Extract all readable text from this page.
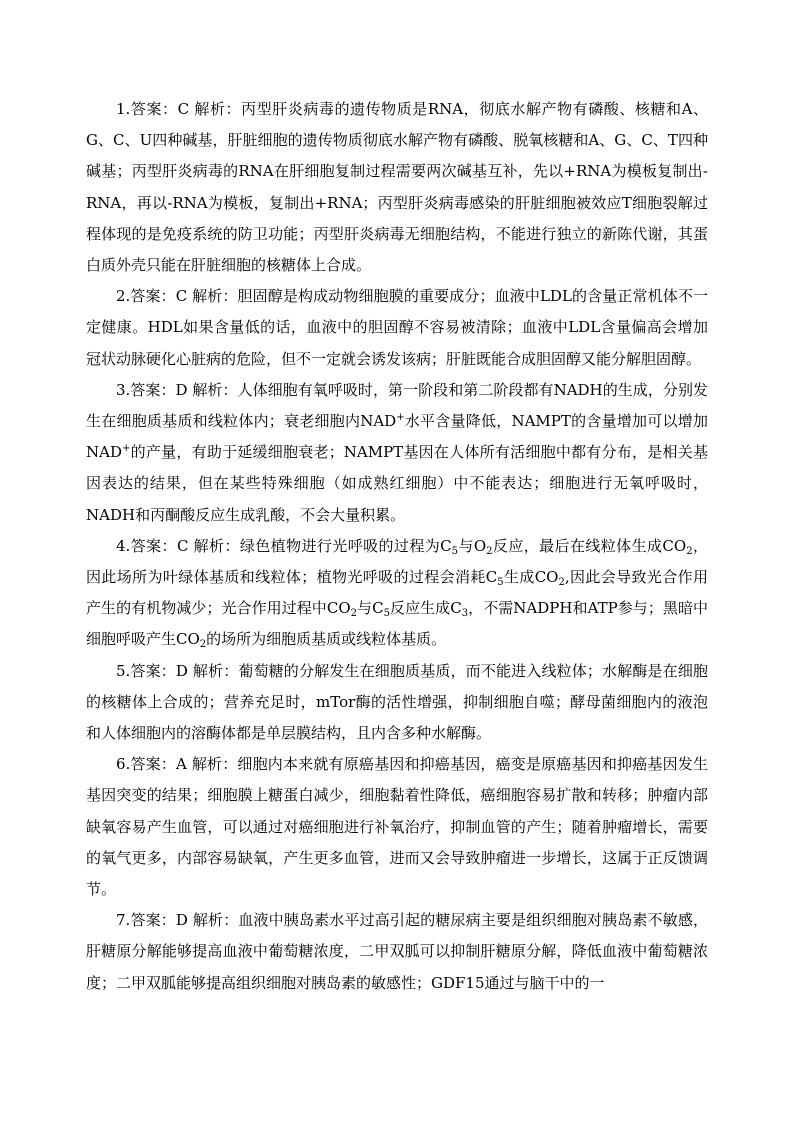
1.答案：C 解析：丙型肝炎病毒的遗传物质是RNA，彻底水解产物有磷酸、核糖和A、G、C、U四种碱基，肝脏细胞的遗传物质彻底水解产物有磷酸、脱氧核糖和A、G、C、T四种碱基；丙型肝炎病毒的RNA在肝细胞复制过程需要两次碱基互补，先以+RNA为模板复制出-RNA，再以-RNA为模板，复制出+RNA；丙型肝炎病毒感染的肝脏细胞被效应T细胞裂解过程体现的是免疫系统的防卫功能；丙型肝炎病毒无细胞结构，不能进行独立的新陈代谢，其蛋白质外壳只能在肝脏细胞的核糖体上合成。

2.答案：C 解析：胆固醇是构成动物细胞膜的重要成分；血液中LDL的含量正常机体不一定健康。HDL如果含量低的话，血液中的胆固醇不容易被清除；血液中LDL含量偏高会增加冠状动脉硬化心脏病的危险，但不一定就会诱发该病；肝脏既能合成胆固醇又能分解胆固醇。

3.答案：D 解析：人体细胞有氧呼吸时，第一阶段和第二阶段都有NADH的生成，分别发生在细胞质基质和线粒体内；衰老细胞内NAD+水平含量降低，NAMPT的含量增加可以增加NAD+的产量，有助于延缓细胞衰老；NAMPT基因在人体所有活细胞中都有分布，是相关基因表达的结果，但在某些特殊细胞（如成熟红细胞）中不能表达；细胞进行无氧呼吸时，NADH和丙酮酸反应生成乳酸，不会大量积累。

4.答案：C 解析：绿色植物进行光呼吸的过程为$C_5$与$O_2$反应，最后在线粒体生成$CO_2$，因此场所为叶绿体基质和线粒体；植物光呼吸的过程会消耗$C_5$生成$CO_2$,因此会导致光合作用产生的有机物减少；光合作用过程中$CO_2$与$C_5$反应生成$C_3$，不需NADPH和ATP参与；黑暗中细胞呼吸产生$CO_2$的场所为细胞质基质或线粒体基质。

5.答案：D 解析：葡萄糖的分解发生在细胞质基质，而不能进入线粒体；水解酶是在细胞的核糖体上合成的；营养充足时，mTor酶的活性增强，抑制细胞自噬；酵母菌细胞内的液泡和人体细胞内的溶酶体都是单层膜结构，且内含多种水解酶。

6.答案：A 解析：细胞内本来就有原癌基因和抑癌基因，癌变是原癌基因和抑癌基因发生基因突变的结果；细胞膜上糖蛋白减少，细胞黏着性降低，癌细胞容易扩散和转移；肿瘤内部缺氧容易产生血管，可以通过对癌细胞进行补氧治疗，抑制血管的产生；随着肿瘤增长，需要的氧气更多，内部容易缺氧，产生更多血管，进而又会导致肿瘤进一步增长，这属于正反馈调节。

7.答案：D 解析：血液中胰岛素水平过高引起的糖尿病主要是组织细胞对胰岛素不敏感，肝糖原分解能够提高血液中葡萄糖浓度，二甲双胍可以抑制肝糖原分解，降低血液中葡萄糖浓度；二甲双胍能够提高组织细胞对胰岛素的敏感性；GDF15通过与脑干中的一
